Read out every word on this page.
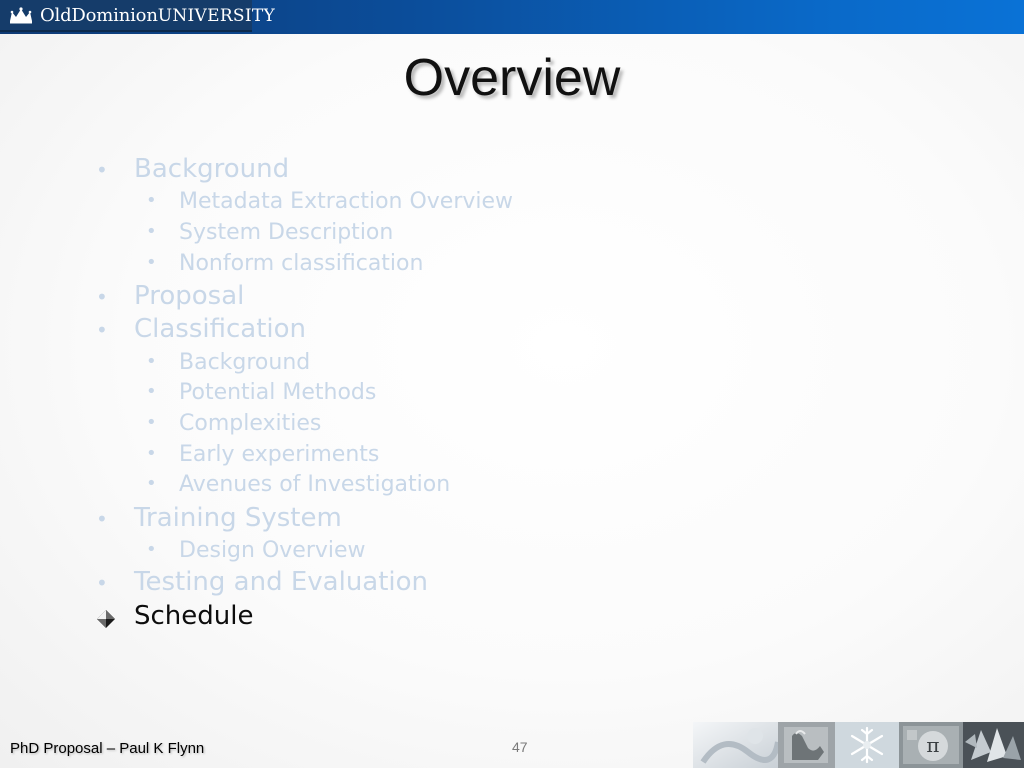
OldDominionUNIVERSITY
Overview
• Background
• Metadata Extraction Overview
• System Description
• Nonform classification
• Proposal
• Classification
• Background
• Potential Methods
• Complexities
• Early experiments
• Avenues of Investigation
• Training System
• Design Overview
• Testing and Evaluation
Schedule
PhD Proposal – Paul K Flynn	47	π
